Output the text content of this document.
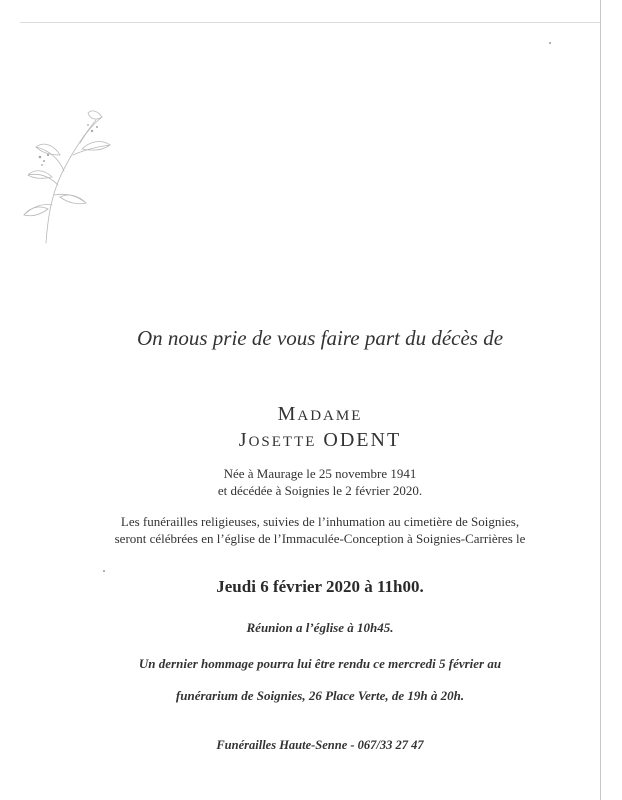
On nous prie de vous faire part du décès de
MADAME
JOSETTE ODENT
Née à Maurage le 25 novembre 1941
et décédée à Soignies le 2 février 2020.
Les funérailles religieuses, suivies de l’inhumation au cimetière de Soignies,
seront célébrées en l’église de l’Immaculée-Conception à Soignies-Carrières le
Jeudi 6 février 2020 à 11h00.
Réunion a l’église à 10h45.
Un dernier hommage pourra lui être rendu ce mercredi 5 février au
funérarium de Soignies, 26 Place Verte, de 19h à 20h.
Funérailles Haute-Senne - 067/33 27 47
